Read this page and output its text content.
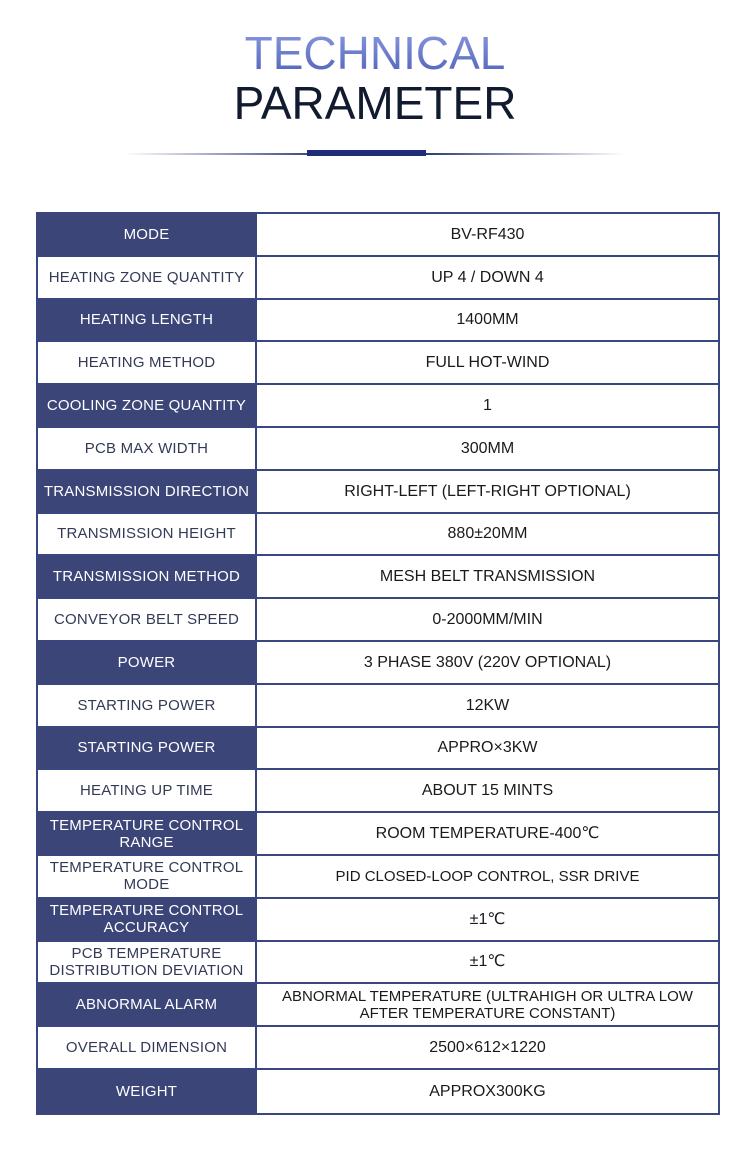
TECHNICAL
PARAMETER
MODE	BV-RF430
HEATING ZONE QUANTITY	UP 4 / DOWN 4
HEATING LENGTH	1400MM
HEATING METHOD	FULL HOT-WIND
COOLING ZONE QUANTITY	1
PCB MAX WIDTH	300MM
TRANSMISSION DIRECTION	RIGHT-LEFT (LEFT-RIGHT OPTIONAL)
TRANSMISSION HEIGHT	880±20MM
TRANSMISSION METHOD	MESH BELT TRANSMISSION
CONVEYOR BELT SPEED	0-2000MM/MIN
POWER	3 PHASE 380V (220V OPTIONAL)
STARTING POWER	12KW
STARTING POWER	APPRO×3KW
HEATING UP TIME	ABOUT 15 MINTS
TEMPERATURE CONTROL RANGE	ROOM TEMPERATURE-400℃
TEMPERATURE CONTROL MODE	PID CLOSED-LOOP CONTROL, SSR DRIVE
TEMPERATURE CONTROL ACCURACY	±1℃
PCB TEMPERATURE DISTRIBUTION DEVIATION	±1℃
ABNORMAL ALARM	ABNORMAL TEMPERATURE (ULTRAHIGH OR ULTRA LOW AFTER TEMPERATURE CONSTANT)
OVERALL DIMENSION	2500×612×1220
WEIGHT	APPROX300KG
